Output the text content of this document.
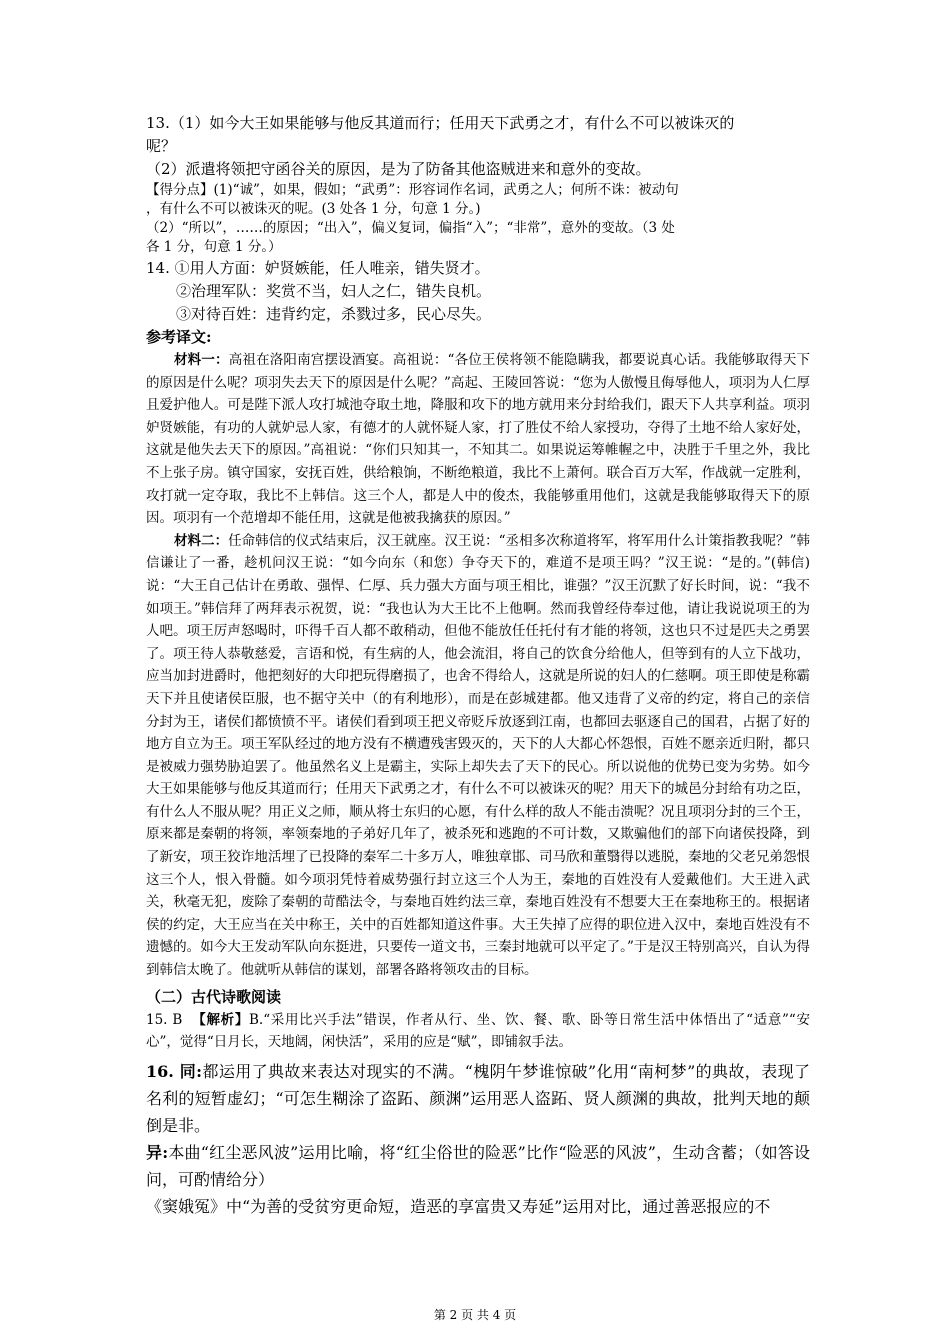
13.（1）如今大王如果能够与他反其道而行；任用天下武勇之才，有什么不可以被诛灭的
呢？
（2）派遣将领把守函谷关的原因，是为了防备其他盗贼进来和意外的变故。
【得分点】(1)“诚”，如果，假如；“武勇”：形容词作名词，武勇之人；何所不诛：被动句
，有什么不可以被诛灭的呢。(3 处各 1 分，句意 1 分。)
（2）“所以”，……的原因；“出入”，偏义复词，偏指“入”；“非常”，意外的变故。（3 处
各 1 分，句意 1 分。）
14. ①用人方面：妒贤嫉能，任人唯亲，错失贤才。
②治理军队：奖赏不当，妇人之仁，错失良机。
③对待百姓：违背约定，杀戮过多，民心尽失。
参考译文:

材料一：高祖在洛阳南宫摆设酒宴。高祖说：“各位王侯将领不能隐瞒我，都要说真心话。我能够取得天下的原因是什么呢？项羽失去天下的原因是什么呢？”高起、王陵回答说：“您为人傲慢且侮辱他人，项羽为人仁厚且爱护他人。可是陛下派人攻打城池夺取土地，降服和攻下的地方就用来分封给我们，跟天下人共享利益。项羽妒贤嫉能，有功的人就妒忌人家，有德才的人就怀疑人家，打了胜仗不给人家授功，夺得了土地不给人家好处，这就是他失去天下的原因。”高祖说：“你们只知其一，不知其二。如果说运筹帷幄之中，决胜于千里之外，我比不上张子房。镇守国家，安抚百姓，供给粮饷，不断绝粮道，我比不上萧何。联合百万大军，作战就一定胜利，攻打就一定夺取，我比不上韩信。这三个人，都是人中的俊杰，我能够重用他们，这就是我能够取得天下的原因。项羽有一个范增却不能任用，这就是他被我擒获的原因。”

材料二：任命韩信的仪式结束后，汉王就座。汉王说：“丞相多次称道将军，将军用什么计策指教我呢？”韩信谦让了一番，趁机问汉王说：“如今向东（和您）争夺天下的，难道不是项王吗？”汉王说：“是的。”(韩信)说：“大王自己估计在勇敢、强悍、仁厚、兵力强大方面与项王相比，谁强？”汉王沉默了好长时间，说：“我不如项王。”韩信拜了两拜表示祝贺，说：“我也认为大王比不上他啊。然而我曾经侍奉过他，请让我说说项王的为人吧。项王厉声怒喝时，吓得千百人都不敢稍动，但他不能放任任托付有才能的将领，这也只不过是匹夫之勇罢了。项王待人恭敬慈爱，言语和悦，有生病的人，他会流泪，将自己的饮食分给他人，但等到有的人立下战功，应当加封进爵时，他把刻好的大印把玩得磨损了，也舍不得给人，这就是所说的妇人的仁慈啊。项王即使是称霸天下并且使诸侯臣服，也不据守关中（的有利地形），而是在彭城建都。他又违背了义帝的约定，将自己的亲信分封为王，诸侯们都愤愤不平。诸侯们看到项王把义帝贬斥放逐到江南，也都回去驱逐自己的国君，占据了好的地方自立为王。项王军队经过的地方没有不横遭残害毁灭的，天下的人大都心怀怨恨，百姓不愿亲近归附，都只是被威力强势胁迫罢了。他虽然名义上是霸主，实际上却失去了天下的民心。所以说他的优势已变为劣势。如今大王如果能够与他反其道而行；任用天下武勇之才，有什么不可以被诛灭的呢？用天下的城邑分封给有功之臣，有什么人不服从呢？用正义之师，顺从将士东归的心愿，有什么样的敌人不能击溃呢？况且项羽分封的三个王，原来都是秦朝的将领，率领秦地的子弟好几年了，被杀死和逃跑的不可计数，又欺骗他们的部下向诸侯投降，到了新安，项王狡诈地活埋了已投降的秦军二十多万人，唯独章邯、司马欣和董翳得以逃脱，秦地的父老兄弟怨恨这三个人，恨入骨髓。如今项羽凭恃着威势强行封立这三个人为王，秦地的百姓没有人爱戴他们。大王进入武关，秋毫无犯，废除了秦朝的苛酷法令，与秦地百姓约法三章，秦地百姓没有不想要大王在秦地称王的。根据诸侯的约定，大王应当在关中称王，关中的百姓都知道这件事。大王失掉了应得的职位进入汉中，秦地百姓没有不遗憾的。如今大王发动军队向东挺进，只要传一道文书，三秦封地就可以平定了。”于是汉王特别高兴，自认为得到韩信太晚了。他就听从韩信的谋划，部署各路将领攻击的目标。

（二）古代诗歌阅读

15. B 【解析】B.“采用比兴手法”错误，作者从行、坐、饮、餐、歌、卧等日常生活中体悟出了“适意”“安心”，觉得“日月长，天地阔，闲快活”，采用的应是“赋”，即铺叙手法。

16. 同:都运用了典故来表达对现实的不满。“槐阴午梦谁惊破”化用“南柯梦”的典故，表现了名利的短暂虚幻；“可怎生糊涂了盗跖、颜渊”运用恶人盗跖、贤人颜渊的典故，批判天地的颠倒是非。

异:本曲“红尘恶风波”运用比喻，将“红尘俗世的险恶”比作“险恶的风波”，生动含蓄；（如答设问，可酌情给分）

《窦娥冤》中“为善的受贫穷更命短，造恶的享富贵又寿延”运用对比，通过善恶报应的不

第 2 页 共 4 页
